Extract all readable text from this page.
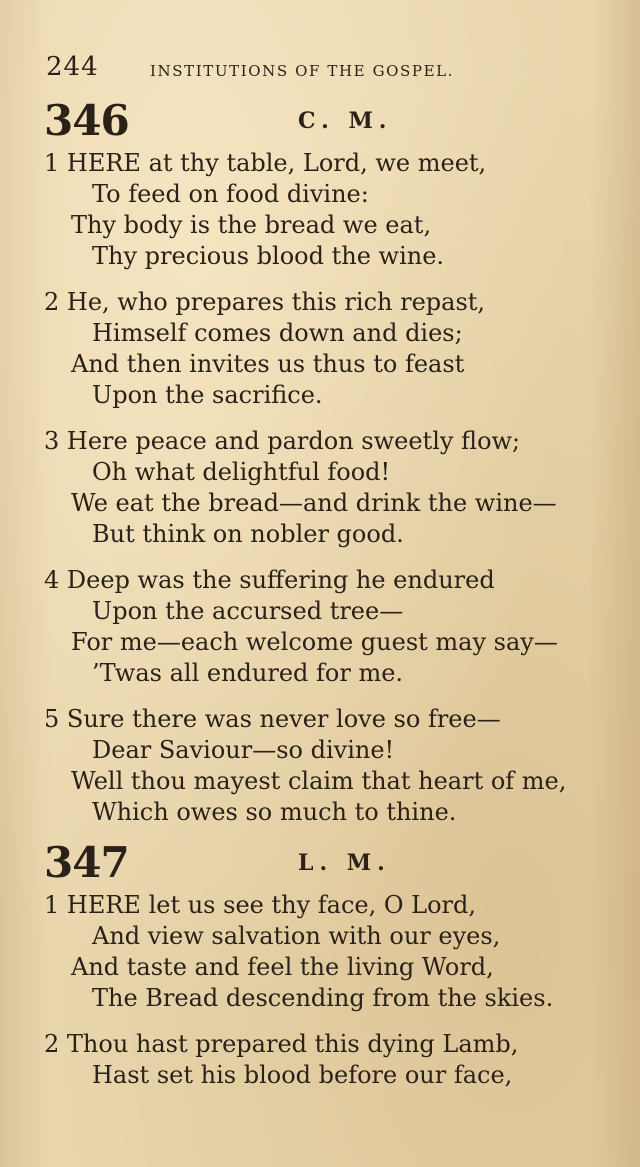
244	INSTITUTIONS OF THE GOSPEL.
346	C. M.
1 HERE at thy table, Lord, we meet,
To feed on food divine:
Thy body is the bread we eat,
Thy precious blood the wine.
2 He, who prepares this rich repast,
Himself comes down and dies;
And then invites us thus to feast
Upon the sacrifice.
3 Here peace and pardon sweetly flow;
Oh what delightful food!
We eat the bread—and drink the wine—
But think on nobler good.
4 Deep was the suffering he endured
Upon the accursed tree—
For me—each welcome guest may say—
’Twas all endured for me.
5 Sure there was never love so free—
Dear Saviour—so divine!
Well thou mayest claim that heart of me,
Which owes so much to thine.
347	L. M.
1 HERE let us see thy face, O Lord,
And view salvation with our eyes,
And taste and feel the living Word,
The Bread descending from the skies.
2 Thou hast prepared this dying Lamb,
Hast set his blood before our face,
